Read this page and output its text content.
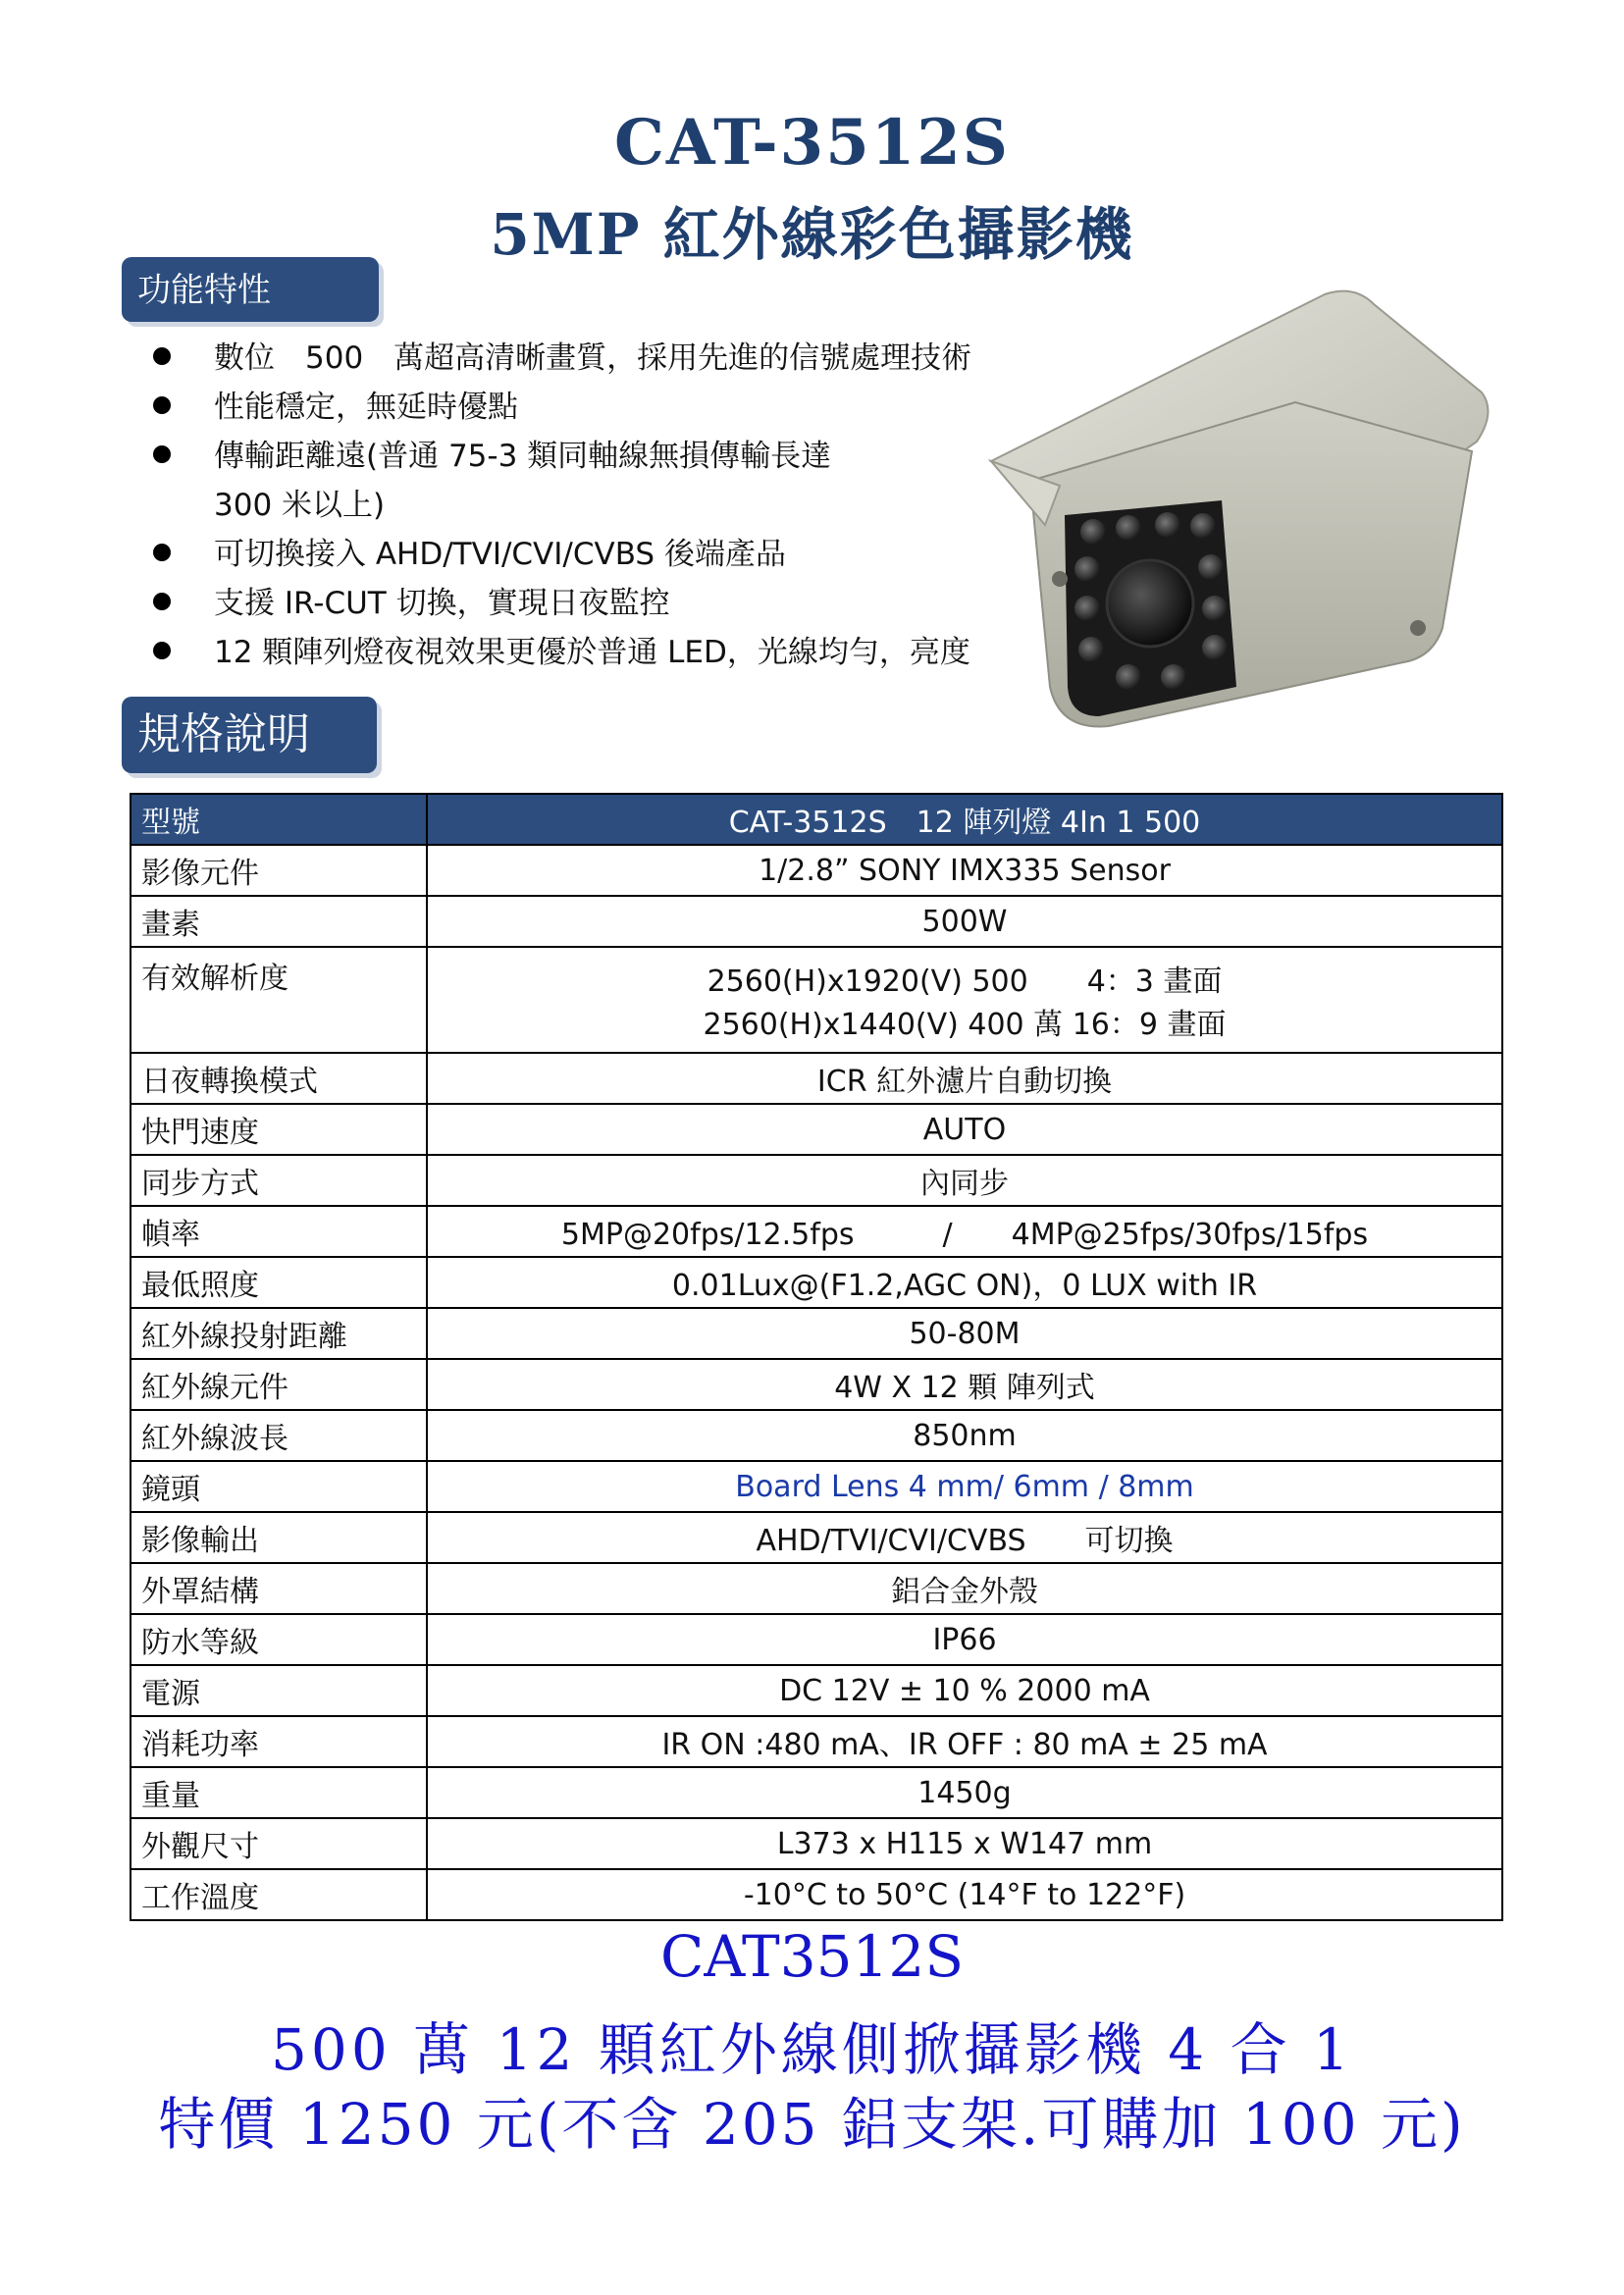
CAT-3512S
5MP 紅外線彩色攝影機
功能特性
數位　500　萬超高清晰畫質，採用先進的信號處理技術
性能穩定，無延時優點
傳輸距離遠(普通 75-3 類同軸線無損傳輸長達
300 米以上)
可切換接入 AHD/TVI/CVI/CVBS 後端產品
支援 IR-CUT 切換，實現日夜監控
12 顆陣列燈夜視效果更優於普通 LED，光線均勻，亮度
規格說明
型號	CAT-3512S　12 陣列燈 4In 1 500
影像元件	1/2.8” SONY IMX335 Sensor
畫素	500W
有效解析度	2560(H)x1920(V) 500　　4：3 畫面
2560(H)x1440(V) 400 萬 16：9 畫面

日夜轉換模式	ICR 紅外濾片自動切換
快門速度	AUTO
同步方式	內同步
幀率	5MP@20fps/12.5fps　　　/　　4MP@25fps/30fps/15fps
最低照度	0.01Lux@(F1.2,AGC ON)，0 LUX with IR
紅外線投射距離	50-80M
紅外線元件	4W X 12 顆 陣列式
紅外線波長	850nm
鏡頭	Board Lens 4 mm/ 6mm / 8mm
影像輸出	AHD/TVI/CVI/CVBS　　可切換
外罩結構	鋁合金外殼
防水等級	IP66
電源	DC 12V ± 10 % 2000 mA
消耗功率	IR ON :480 mA、IR OFF : 80 mA ± 25 mA
重量	1450g
外觀尺寸	L373 x H115 x W147 mm
工作溫度	-10°C to 50°C (14°F to 122°F)
CAT3512S
500 萬 12 顆紅外線側掀攝影機 4 合 1
特價 1250 元(不含 205 鋁支架.可購加 100 元)
